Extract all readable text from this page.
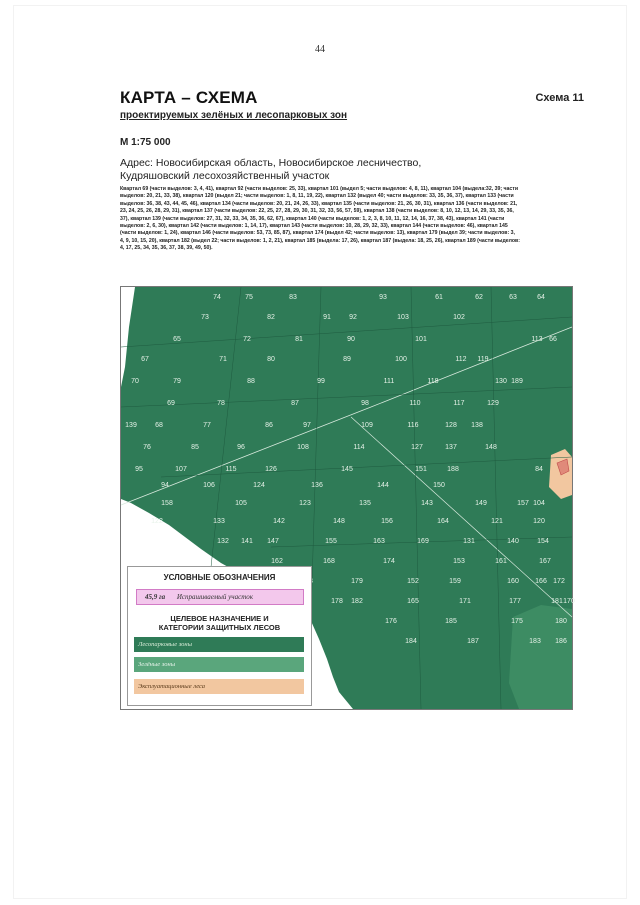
44
КАРТА – СХЕМА	Схема 11
проектируемых зелёных и лесопарковых зон
М 1:75 000
Адрес: Новосибирская область, Новосибирское лесничество,
Кудряшовский лесохозяйственный участок
Квартал 69 (части выделов: 3, 4, 41), квартал 92 (части выделов: 25, 33), квартал 101 (выдел 5; части выделов: 4, 8, 11), квартал 104 (выдела:32, 39; части выделов: 20, 21, 33, 38), квартал 120 (выдел 21; части выделов: 1, 8, 11, 19, 22), квартал 132 (выдел 40; части выделов: 33, 35, 36, 37), квартал 133 (части выделов: 36, 38, 43, 44, 45, 46), квартал 134 (части выделов: 20, 21, 24, 26, 33), квартал 135 (части выделов: 21, 26, 30, 31), квартал 136 (части выделов: 21, 23, 24, 25, 26, 28, 29, 31), квартал 137 (части выделов: 22, 25, 27, 28, 29, 30, 31, 32, 33, 56, 57, 59), квартал 138 (части выделов: 8, 10, 12, 13, 14, 29, 33, 35, 36, 37), квартал 139 (части выделов: 27, 31, 32, 33, 34, 35, 36, 62, 67), квартал 140 (части выделов: 1, 2, 3, 8, 10, 11, 12, 14, 16, 37, 38, 43), квартал 141 (части выделов: 2, 6, 30), квартал 142 (части выделов: 1, 14, 17), квартал 143 (части выделов: 10, 28, 29, 32, 33), квартал 144 (части выделов: 46), квартал 145 (части выделов: 1, 24), квартал 146 (части выделов: 53, 73, 85, 87), квартал 174 (выдел 42; части выделов: 13), квартал 179 (выдел 39; части выделов: 3, 4, 9, 10, 15, 20), квартал 182 (выдел 22; части выделов: 1, 2, 21), квартал 185 (выдела: 17, 26), квартал 187 (выдела: 18, 25, 26), квартал 189 (части выделов: 4, 17, 25, 34, 35, 36, 37, 38, 39, 49, 50).
74	75	83	93	61	62	63	64
73	82	92
91	103	102
65	72	81	90	101	113 66
67	71	80	89	100	112 119
70	79	88	99	111	118	130 189
69	78	87	98	110	117	129
139	68	77	86	97	109	116	128 138
76	85	96	108	114	127	137	148
95	107	115	126	145	151	188	84
94	106	124	136	144	150
158	105	123	135	143	149	157 104
122	133	142	148	156	164	121	120
132 141 147	155	163	169	131	140	154
162	168	174	153	161	167
179	152	159	160 166 172
178 182	165	171	177	181 170
176	185	175	180
184	187	183 186
УСЛОВНЫЕ ОБОЗНАЧЕНИЯ
45,9 га Испрашиваемый участок
ЦЕЛЕВОЕ НАЗНАЧЕНИЕ И
КАТЕГОРИИ ЗАЩИТНЫХ ЛЕСОВ
Лесопарковые зоны
Зелёные зоны
Эксплуатационные леса
